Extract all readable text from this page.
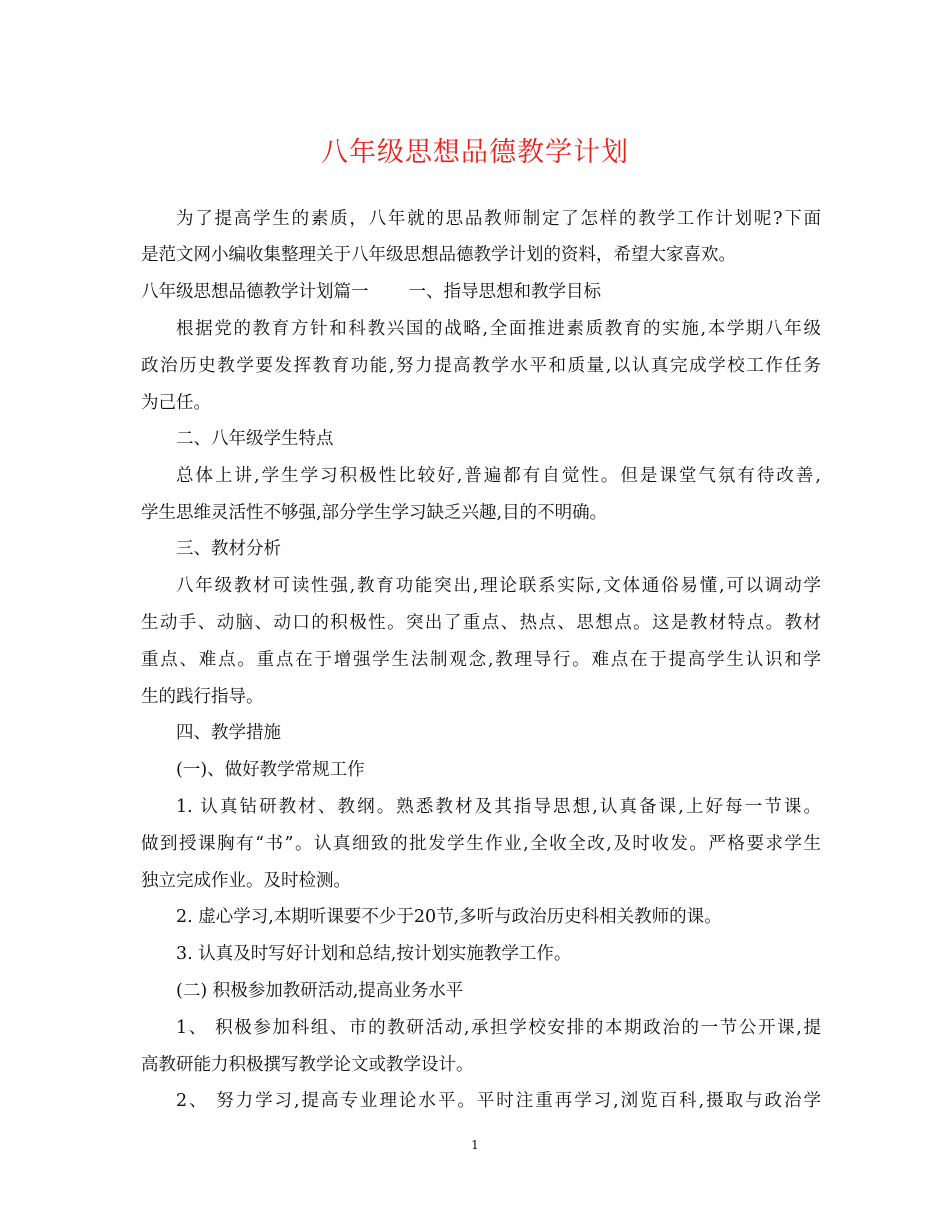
八年级思想品德教学计划
为了提高学生的素质，八年就的思品教师制定了怎样的教学工作计划呢?下面
是范文网小编收集整理关于八年级思想品德教学计划的资料，希望大家喜欢。
八年级思想品德教学计划篇一 一、指导思想和教学目标
根据党的教育方针和科教兴国的战略,全面推进素质教育的实施,本学期八年级
政治历史教学要发挥教育功能,努力提高教学水平和质量,以认真完成学校工作任务
为己任。
二、八年级学生特点
总体上讲,学生学习积极性比较好,普遍都有自觉性。但是课堂气氛有待改善,
学生思维灵活性不够强,部分学生学习缺乏兴趣,目的不明确。
三、教材分析
八年级教材可读性强,教育功能突出,理论联系实际,文体通俗易懂,可以调动学
生动手、动脑、动口的积极性。突出了重点、热点、思想点。这是教材特点。教材
重点、难点。重点在于增强学生法制观念,教理导行。难点在于提高学生认识和学
生的践行指导。
四、教学措施
(一)、做好教学常规工作
1. 认真钻研教材、教纲。熟悉教材及其指导思想,认真备课,上好每一节课。
做到授课胸有“书”。认真细致的批发学生作业,全收全改,及时收发。严格要求学生
独立完成作业。及时检测。
2. 虚心学习,本期听课要不少于20节,多听与政治历史科相关教师的课。
3. 认真及时写好计划和总结,按计划实施教学工作。
(二) 积极参加教研活动,提高业务水平
1、 积极参加科组、市的教研活动,承担学校安排的本期政治的一节公开课,提
高教研能力积极撰写教学论文或教学设计。
2、 努力学习,提高专业理论水平。平时注重再学习,浏览百科,摄取与政治学
1
